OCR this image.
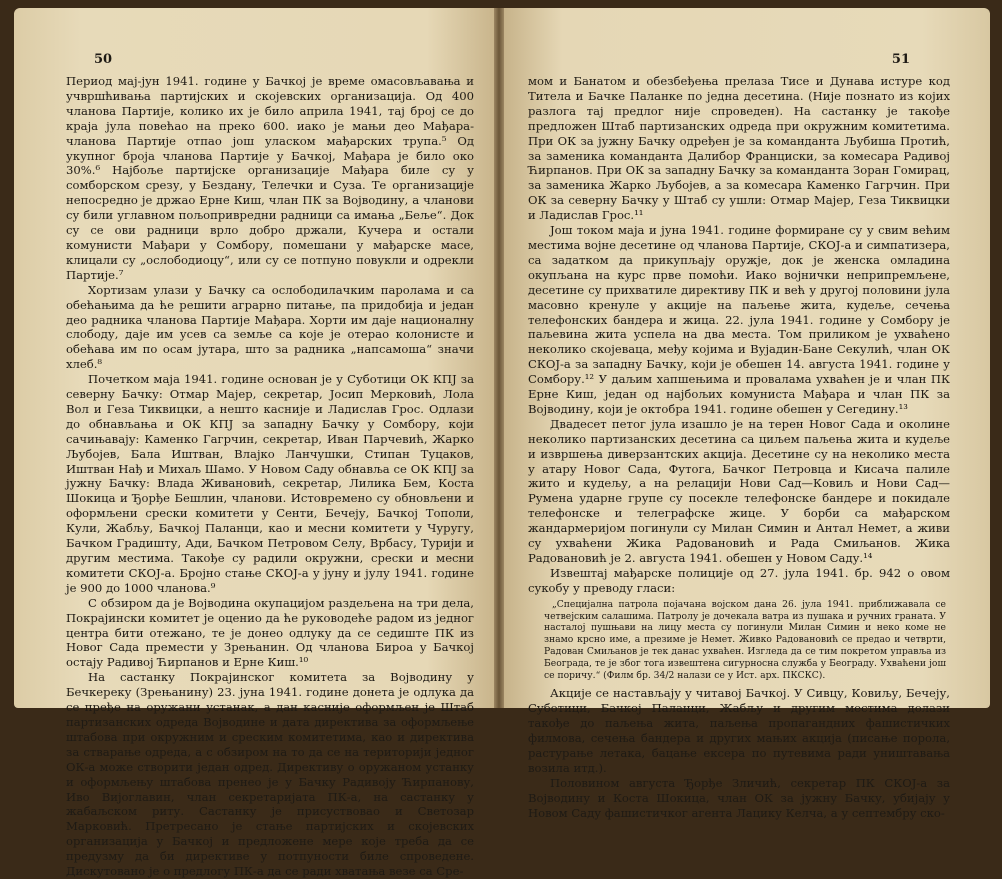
50

Период мај-јун 1941. године у Бачкој је време омасовљавања и учвршћивања партијских и скојевских организација. Од 400 чланова Партије, колико их је било априла 1941, тај број се до краја јула повећао на преко 600. иако је мањи део Мађара-чланова Партије отпао још уласком мађарских трупа.⁵ Од укупног броја чланова Партије у Бачкој, Мађара је било око 30%.⁶ Најбоље партијске организације Мађара биле су у сомборском срезу, у Бездану, Телечки и Суза. Те организације непосредно је држао Ерне Киш, члан ПК за Војводину, а чланови су били углавном пољопривредни радници са имања „Беље“. Док су се ови радници врло добро држали, Кучера и остали комунисти Мађари у Сомбору, помешани у мађарске масе, клицали су „ослободиоцу“, или су се потпуно повукли и одрекли Партије.⁷

Хортизам улази у Бачку са ослободилачким паролама и са обећањима да ће решити аграрно питање, па придобија и један део радника чланова Партије Мађара. Хорти им даје националну слободу, даје им усев са земље са које је отерао колонисте и обећава им по осам јутара, што за радника „напсамоша“ значи хлеб.⁸

Почетком маја 1941. године основан је у Суботици ОК КПЈ за северну Бачку: Отмар Мајер, секретар, Јосип Мерковић, Лола Вол и Геза Тиквицки, а нешто касније и Ладислав Грос. Одлази до обнављања и ОК КПЈ за западну Бачку у Сомбору, који сачињавају: Каменко Гагрчин, секретар, Иван Парчевић, Жарко Љубојев, Бала Иштван, Влајко Ланчушки, Стипан Туцаков, Иштван Нађ и Михаљ Шамо. У Новом Саду обнавља се ОК КПЈ за јужну Бачку: Влада Живановић, секретар, Лилика Бем, Коста Шокица и Ђорђе Бешлин, чланови. Истовремено су обновљени и оформљени срески комитети у Сенти, Бечеју, Бачкој Тополи, Кули, Жабљу, Бачкој Паланци, као и месни комитети у Чуругу, Бачком Градишту, Ади, Бачком Петровом Селу, Врбасу, Турији и другим местима. Такође су радили окружни, срески и месни комитети СКОЈ-а. Бројно стање СКОЈ-а у јуну и јулу 1941. године је 900 до 1000 чланова.⁹

С обзиром да је Војводина окупацијом раздељена на три дела, Покрајински комитет је оценио да ће руководеће радом из једног центра бити отежано, те је донео одлуку да се седиште ПК из Новог Сада премести у Зрењанин. Од чланова Бироа у Бачкој остају Радивој Ћирпанов и Ерне Киш.¹⁰

На састанку Покрајинског комитета за Војводину у Бечкереку (Зрењанину) 23. јуна 1941. године донета је одлука да се пређе на оружани устанак, а дан касније оформљен је Штаб партизанских одреда Војводине и дата директива за оформљење штабова при окружним и среским комитетима, као и директива за стварање одреда, а с обзиром на то да се на територији једног ОК-а може створити један одред. Директиву о оружаном устанку и оформљењу штабова пренео је у Бачку Радивоју Ћирпанову, Иво Вијоглавин, члан секретаријата ПК-а, на састанку у жабаљском риту. Састанку је присуствовао и Светозар Марковић. Претресано је стање партијских и скојевских организација у Бачкој и предложене мере које треба да се предузму да би директиве у потпуности биле спроведене. Дискутовано је о предлогу ПК-а да се ради хватања везе са Сре-

51

мом и Банатом и обезбеђења прелаза Тисе и Дунава истуре код Тителa и Бачке Паланке по једна десетина. (Није познато из којих разлога тај предлог није спроведен). На састанку је такође предложен Штаб партизанских одреда при окружним комитетима. При ОК за јужну Бачку одређен је за команданта Љубиша Протић, за заменика команданта Далибор Франциски, за комесара Радивој Ћирпанов. При ОК за западну Бачку за команданта Зоран Гомирац, за заменика Жарко Љубојев, а за комесара Каменко Гагрчин. При ОК за северну Бачку у Штаб су ушли: Отмар Мајер, Геза Тиквицки и Ладислав Грос.¹¹

Још током маја и јуна 1941. године формиране су у свим већим местима војне десетине од чланова Партије, СКОЈ-а и симпатизера, са задатком да прикупљају оружје, док је женска омладина окупљана на курс прве помоћи. Иако војнички неприпремљене, десетине су прихватиле директиву ПК и већ у другој половини јула масовно кренуле у акције на паљење жита, кудеље, сечења телефонских бандера и жица. 22. јула 1941. године у Сомбору је паљевина жита успела на два места. Том приликом је ухваћено неколико скојеваца, међу којима и Вујадин-Бане Секулић, члан ОК СКОЈ-а за западну Бачку, који је обешен 14. августа 1941. године у Сомбору.¹² У даљим хапшењима и провалама ухваћен је и члан ПК Ерне Киш, један од најбољих комуниста Мађара и члан ПК за Војводину, који је октобра 1941. године обешен у Сегедину.¹³

Двадесет петог јула изашло је на терен Новог Сада и околине неколико партизанских десетина са циљем паљења жита и кудеље и извршења диверзантских акција. Десетине су на неколико места у атару Новог Сада, Футога, Бачког Петровца и Кисача палиле жито и кудељу, а на релацији Нови Сад—Ковиљ и Нови Сад—Румена ударне групе су посекле телефонске бандере и покидале телефонске и телеграфске жице. У борби са мађарском жандармеријом погинули су Милан Симин и Антал Немет, а живи су ухваћени Жика Радовановић и Рада Смиљанов. Жика Радовановић је 2. августа 1941. обешен у Новом Саду.¹⁴

Извештај мађарске полиције од 27. јула 1941. бр. 942 о овом сукобу у преводу гласи:

„Специјална патрола појачана војском дана 26. јула 1941. приближавала се четвејским салашима. Патролу је дочекала ватра из пушака и ручних граната. У насталој пушњави на лицу места су погинули Милан Симин и неко коме не знамо крсно име, а презиме је Немет. Живко Радовановић се предао и четврти, Радован Смиљанов је тек данас ухваћен. Изгледа да се тим покретом управља из Београда, те је због тога извештена сигурносна служба у Београду. Ухваћени још се поричу.“ (Филм бр. 34/2 налази се у Ист. арх. ПКСКС).

Акције се настављају у читавој Бачкој. У Сивцу, Ковиљу, Бечеју, Суботици, Бачкој Паланци, Жабљу и другим местима долази такође до паљења жита, паљења пропагандних фашистичких филмова, сечења бандера и других мањих акција (писање порола, растурање летака, бацање ексера по путевима ради уништавања возила итд.).

Половином августа Ђорђе Зличић, секретар ПК СКОЈ-а за Војводину и Коста Шокица, члан ОК за јужну Бачку, убијају у Новом Саду фашистичког агента Лацику Келча, а у септембру ско-
